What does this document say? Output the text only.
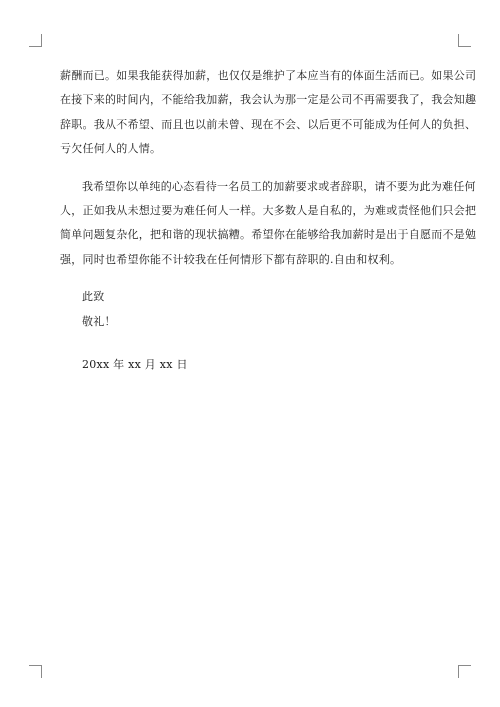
薪酬而已。如果我能获得加薪，也仅仅是维护了本应当有的体面生活而已。如果公司
在接下来的时间内，不能给我加薪，我会认为那一定是公司不再需要我了，我会知趣
辞职。我从不希望、而且也以前未曾、现在不会、以后更不可能成为任何人的负担、
亏欠任何人的人情。
我希望你以单纯的心态看待一名员工的加薪要求或者辞职，请不要为此为难任何
人，正如我从未想过要为难任何人一样。大多数人是自私的，为难或责怪他们只会把
简单问题复杂化，把和谐的现状搞糟。希望你在能够给我加薪时是出于自愿而不是勉
强，同时也希望你能不计较我在任何情形下都有辞职的.自由和权利。
此致
敬礼！
20xx 年 xx 月 xx 日
